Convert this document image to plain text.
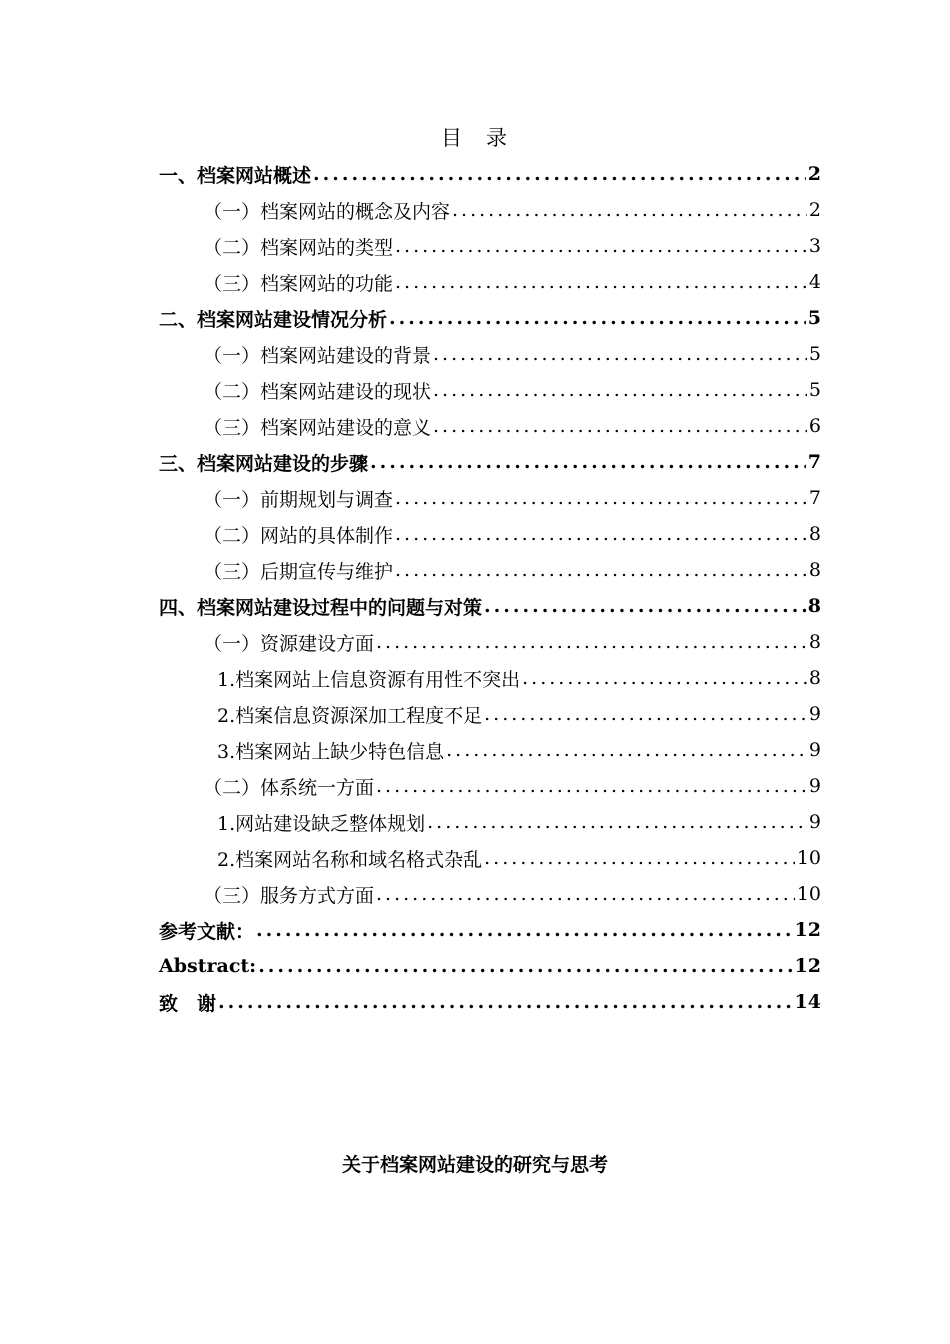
目 录
一、档案网站概述 .....	2
（一）档案网站的概念及内容 .....	2
（二）档案网站的类型 .....	3
（三）档案网站的功能 .....	4
二、档案网站建设情况分析 .....	5
（一）档案网站建设的背景 .....	5
（二）档案网站建设的现状 .....	5
（三）档案网站建设的意义 .....	6
三、档案网站建设的步骤 .....	7
（一）前期规划与调查 .....	7
（二）网站的具体制作 .....	8
（三）后期宣传与维护 .....	8
四、档案网站建设过程中的问题与对策 .....	8
（一）资源建设方面 .....	8
1.档案网站上信息资源有用性不突出 .....	8
2.档案信息资源深加工程度不足 .....	9
3.档案网站上缺少特色信息 .....	9
（二）体系统一方面 .....	9
1.网站建设缺乏整体规划 .....	9
2.档案网站名称和域名格式杂乱 .....	10
（三）服务方式方面 .....	10
参考文献： .....	12
Abstract: .....	12
致　谢 .....	14
关于档案网站建设的研究与思考
